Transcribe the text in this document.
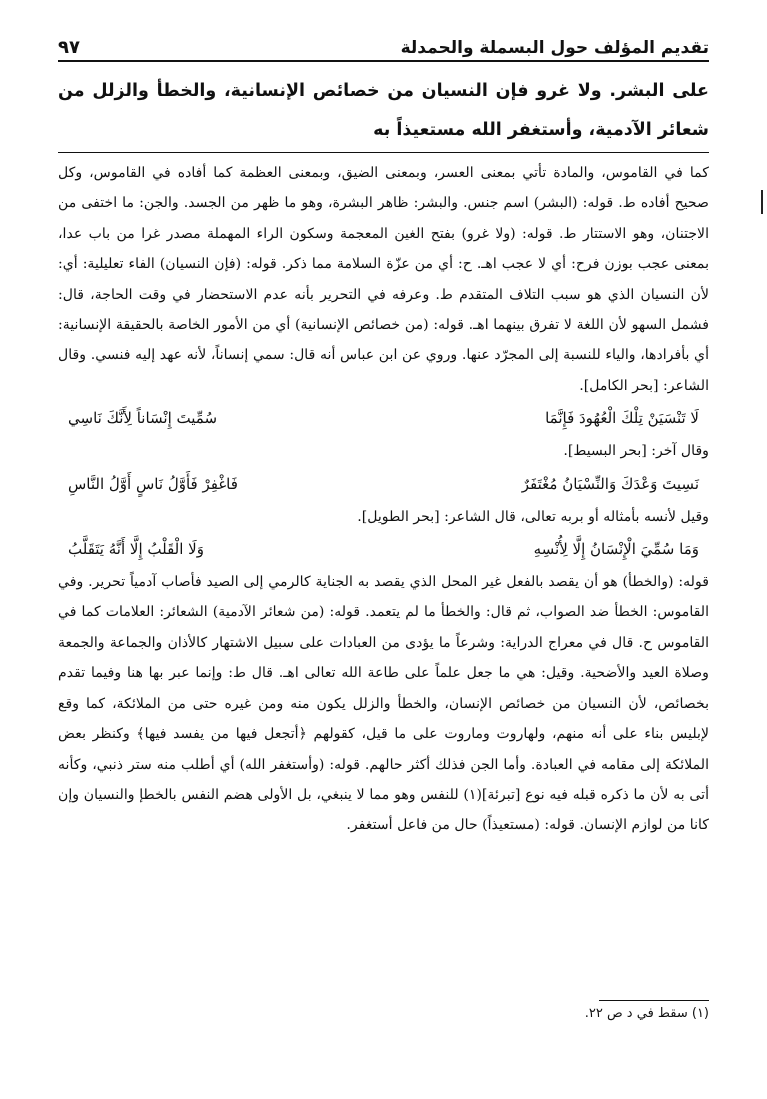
٩٧	تقديم المؤلف حول البسملة والحمدلة
على البشر. ولا غرو فإن النسيان من خصائص الإنسانية، والخطأ والزلل من شعائر الآدمية، وأستغفر الله مستعيذاً به

كما في القاموس، والمادة تأتي بمعنى العسر، وبمعنى الضيق، وبمعنى العظمة كما أفاده في القاموس، وكل صحيح أفاده ط. قوله: (البشر) اسم جنس. والبشر: ظاهر البشرة، وهو ما ظهر من الجسد. والجن: ما اختفى من الاجتنان، وهو الاستتار ط. قوله: (ولا غرو) بفتح الغين المعجمة وسكون الراء المهملة مصدر غرا من باب عدا، بمعنى عجب بوزن فرح: أي لا عجب اهـ. ح: أي من عزّة السلامة مما ذكر. قوله: (فإن النسيان) الفاء تعليلية: أي: لأن النسيان الذي هو سبب التلاف المتقدم ط. وعرفه في التحرير بأنه عدم الاستحضار في وقت الحاجة، قال: فشمل السهو لأن اللغة لا تفرق بينهما اهـ. قوله: (من خصائص الإنسانية) أي من الأمور الخاصة بالحقيقة الإنسانية: أي بأفرادها، والياء للنسبة إلى المجرّد عنها. وروي عن ابن عباس أنه قال: سمي إنساناً، لأنه عهد إليه فنسي. وقال الشاعر: [بحر الكامل].

لَا تَنْسَيَنْ تِلْكَ الْعُهُودَ فَإِنَّمَا
سُمِّيتَ إِنْسَاناً لِأَنَّكَ نَاسِي

وقال آخر: [بحر البسيط].

نَسِيتَ وَعْدَكَ وَالنِّسْيَانُ مُغْتَفَرٌ
فَاغْفِرْ فَأَوَّلُ نَاسٍ أَوَّلُ النَّاسِ

وقيل لأنسه بأمثاله أو بربه تعالى، قال الشاعر: [بحر الطويل].

وَمَا سُمِّيَ الْإِنْسَانُ إِلَّا لِأُنْسِهِ
وَلَا الْقَلْبُ إِلَّا أَنَّهُ يَتَقَلَّبُ

قوله: (والخطأ) هو أن يقصد بالفعل غير المحل الذي يقصد به الجناية كالرمي إلى الصيد فأصاب آدمياً تحرير. وفي القاموس: الخطأ ضد الصواب، ثم قال: والخطأ ما لم يتعمد. قوله: (من شعائر الآدمية) الشعائر: العلامات كما في القاموس ح. قال في معراج الدراية: وشرعاً ما يؤدى من العبادات على سبيل الاشتهار كالأذان والجماعة والجمعة وصلاة العيد والأضحية. وقيل: هي ما جعل علماً على طاعة الله تعالى اهـ. قال ط: وإنما عبر بها هنا وفيما تقدم بخصائص، لأن النسيان من خصائص الإنسان، والخطأ والزلل يكون منه ومن غيره حتى من الملائكة، كما وقع لإبليس بناء على أنه منهم، ولهاروت وماروت على ما قيل، كقولهم ﴿أتجعل فيها من يفسد فيها﴾ وكنظر بعض الملائكة إلى مقامه في العبادة. وأما الجن فذلك أكثر حالهم. قوله: (وأستغفر الله) أي أطلب منه ستر ذنبي، وكأنه أتى به لأن ما ذكره قبله فيه نوع [تبرئة](١) للنفس وهو مما لا ينبغي، بل الأولى هضم النفس بالخطإ والنسيان وإن كانا من لوازم الإنسان. قوله: (مستعيذاً) حال من فاعل أستغفر.

(١) سقط في د ص ٢٢.
